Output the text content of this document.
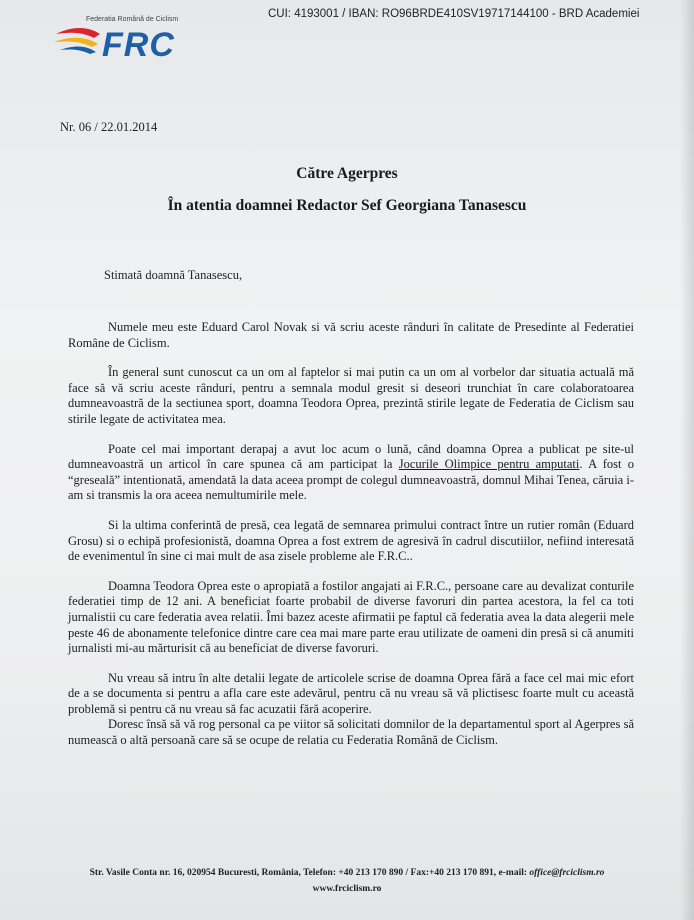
FRC
Federatia Română de Ciclism	CUI: 4193001 / IBAN: RO96BRDE410SV19717144100 - BRD Academiei
Nr. 06 / 22.01.2014
Către Agerpres
În atentia doamnei Redactor Sef Georgiana Tanasescu
Stimată doamnă Tanasescu,

Numele meu este Eduard Carol Novak si vă scriu aceste rânduri în calitate de Presedinte al Federatiei Române de Ciclism.

În general sunt cunoscut ca un om al faptelor si mai putin ca un om al vorbelor dar situatia actuală mă face să vă scriu aceste rânduri, pentru a semnala modul gresit si deseori trunchiat în care colaboratoarea dumneavoastră de la sectiunea sport, doamna Teodora Oprea, prezintă stirile legate de Federatia de Ciclism sau stirile legate de activitatea mea.

Poate cel mai important derapaj a avut loc acum o lună, când doamna Oprea a publicat pe site-ul dumneavoastră un articol în care spunea că am participat la Jocurile Olimpice pentru amputati. A fost o “greseală” intentionată, amendată la data aceea prompt de colegul dumneavoastră, domnul Mihai Tenea, căruia i-am si transmis la ora aceea nemultumirile mele.

Si la ultima conferintă de presă, cea legată de semnarea primului contract între un rutier român (Eduard Grosu) si o echipă profesionistă, doamna Oprea a fost extrem de agresivă în cadrul discutiilor, nefiind interesată de evenimentul în sine ci mai mult de asa zisele probleme ale F.R.C..

Doamna Teodora Oprea este o apropiată a fostilor angajati ai F.R.C., persoane care au devalizat conturile federatiei timp de 12 ani. A beneficiat foarte probabil de diverse favoruri din partea acestora, la fel ca toti jurnalistii cu care federatia avea relatii. Îmi bazez aceste afirmatii pe faptul că federatia avea la data alegerii mele peste 46 de abonamente telefonice dintre care cea mai mare parte erau utilizate de oameni din presă si că anumiti jurnalisti mi-au mărturisit că au beneficiat de diverse favoruri.

Nu vreau să intru în alte detalii legate de articolele scrise de doamna Oprea fără a face cel mai mic efort de a se documenta si pentru a afla care este adevărul, pentru că nu vreau să vă plictisesc foarte mult cu această problemă si pentru că nu vreau să fac acuzatii fără acoperire.

Doresc însă să vă rog personal ca pe viitor să solicitati domnilor de la departamentul sport al Agerpres să numească o altă persoană care să se ocupe de relatia cu Federatia Română de Ciclism.

Str. Vasile Conta nr. 16, 020954 Bucuresti, România, Telefon: +40 213 170 890 / Fax:+40 213 170 891, e-mail: office@frciclism.ro
www.frciclism.ro
